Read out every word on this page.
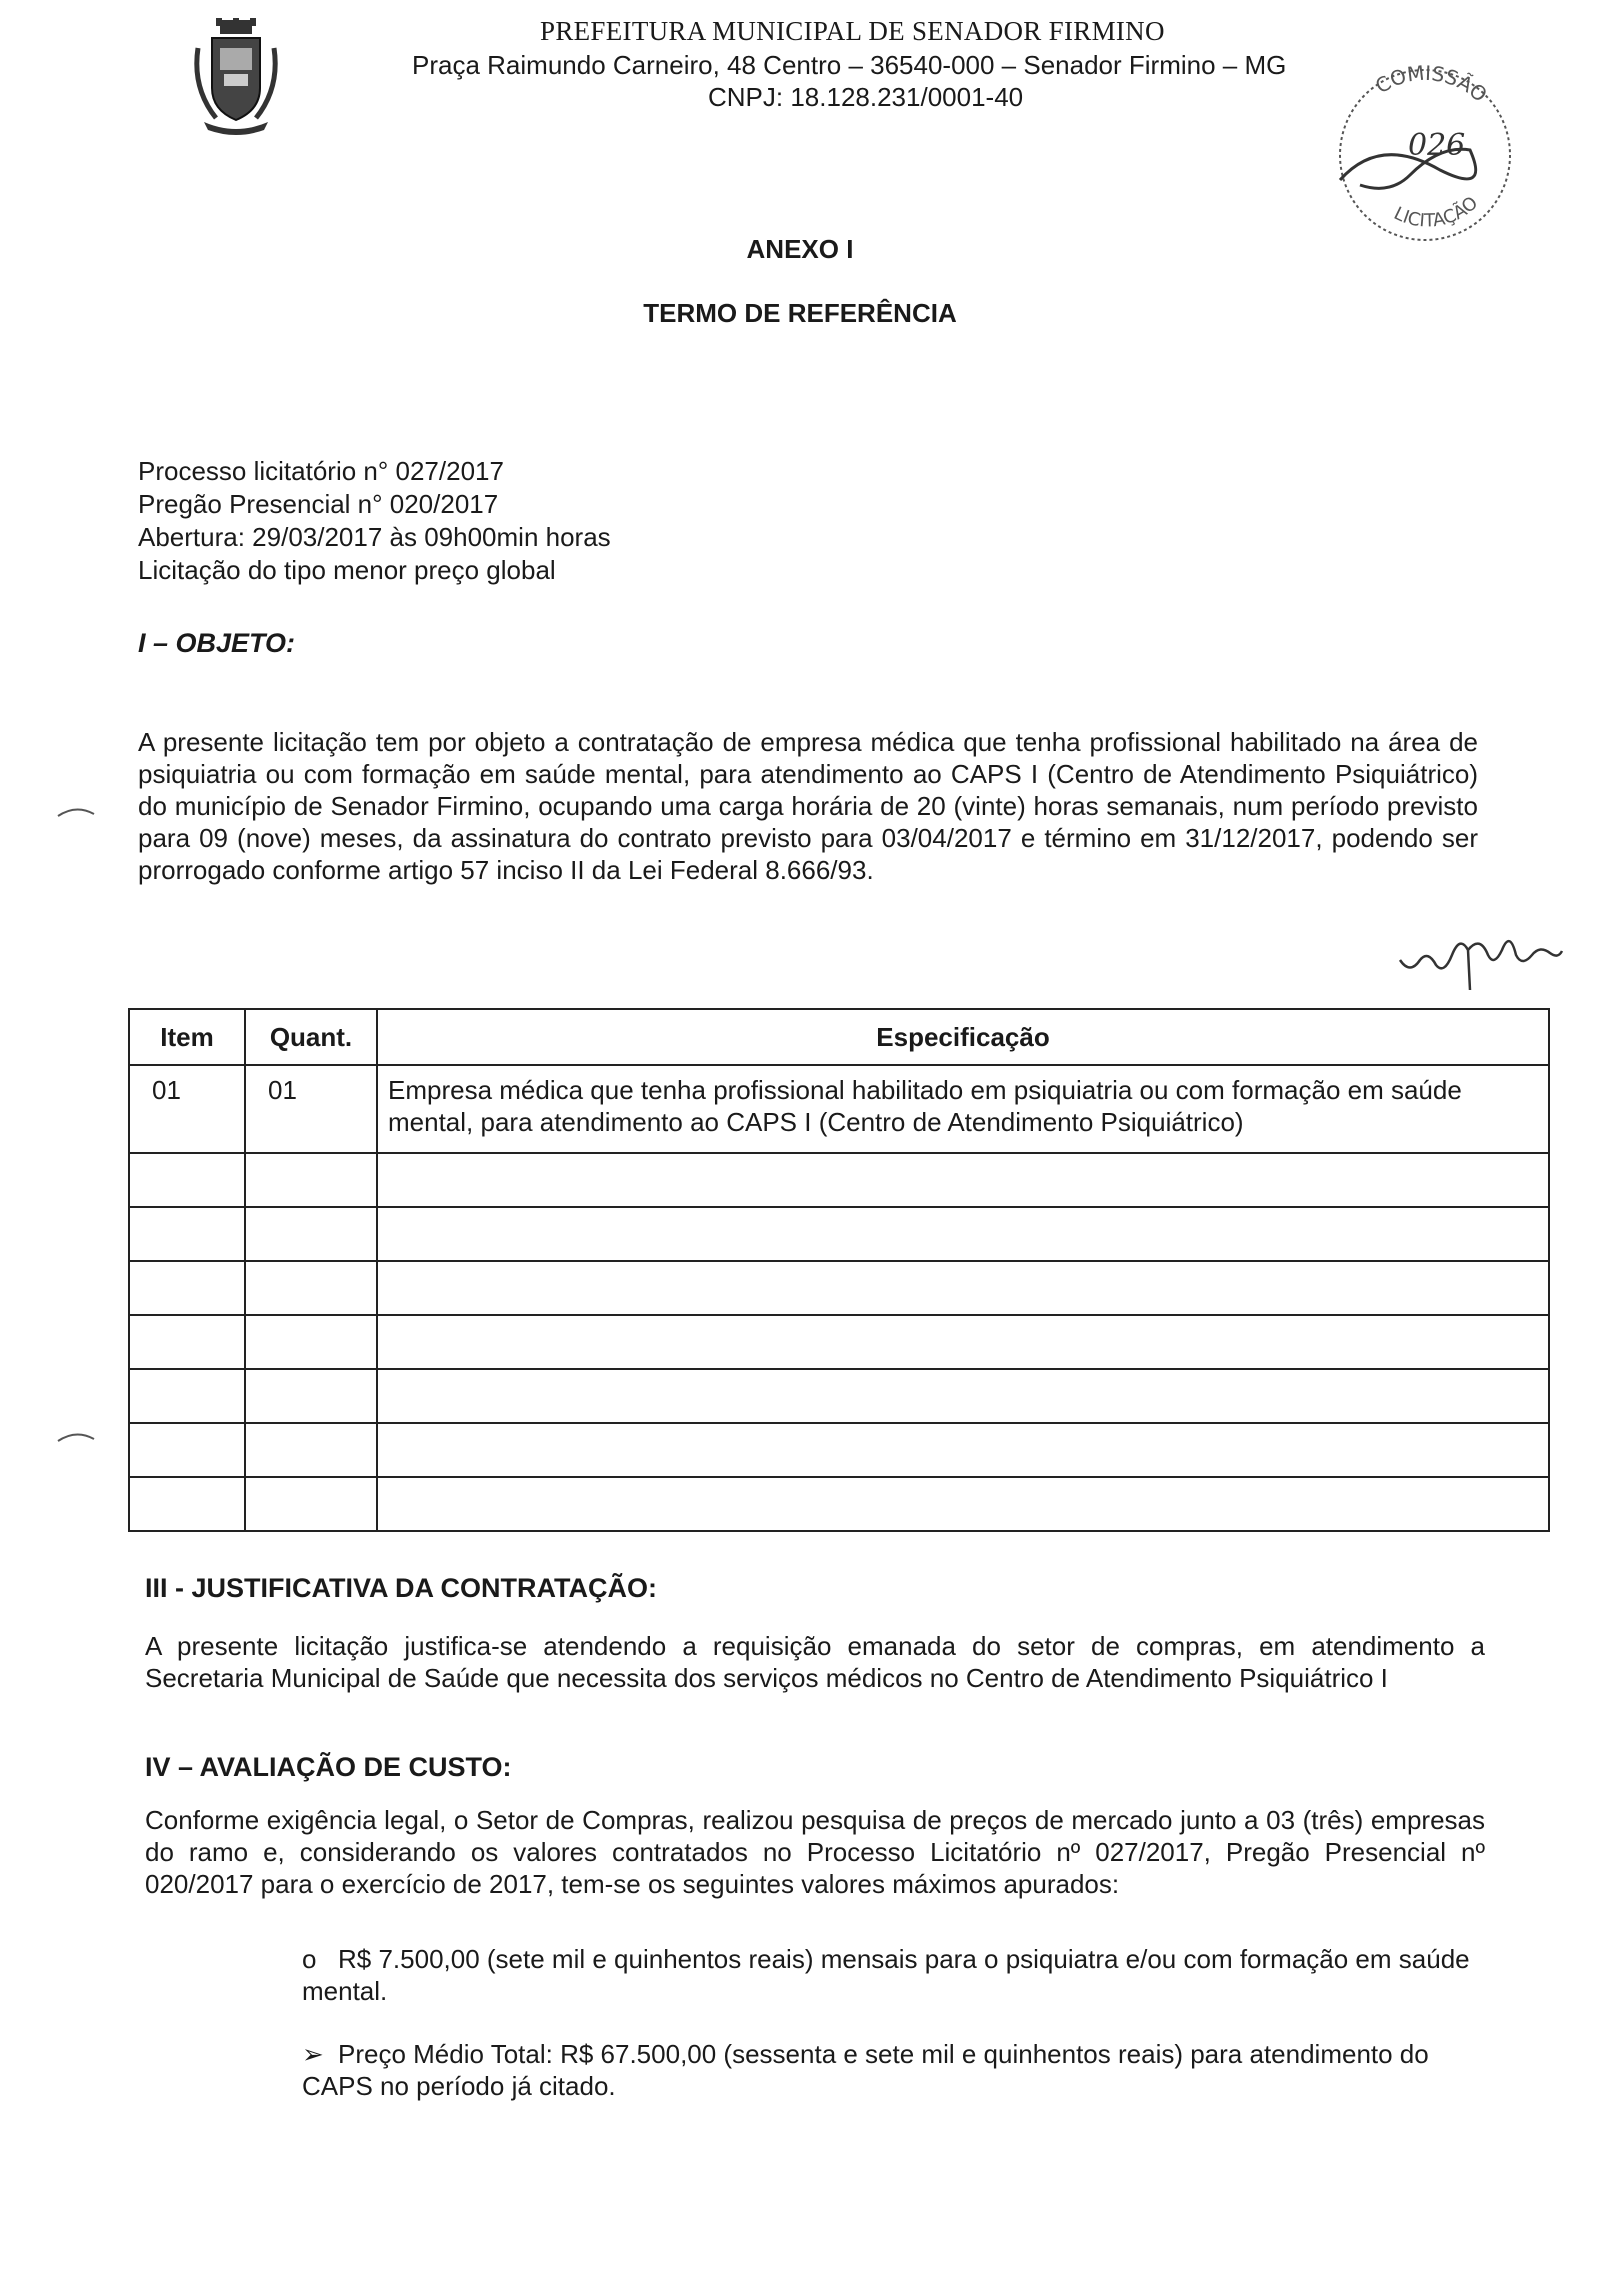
PREFEITURA MUNICIPAL DE SENADOR FIRMINO
Praça Raimundo Carneiro, 48 Centro – 36540-000 – Senador Firmino – MG
CNPJ: 18.128.231/0001-40	COMISSÃO
LICITAÇÃO
026
ANEXO I
TERMO DE REFERÊNCIA
Processo licitatório n° 027/2017
Pregão Presencial n° 020/2017
Abertura: 29/03/2017 às 09h00min horas
Licitação do tipo menor preço global
I – OBJETO:
A presente licitação tem por objeto a contratação de empresa médica que tenha profissional habilitado na área de psiquiatria ou com formação em saúde mental, para atendimento ao CAPS I (Centro de Atendimento Psiquiátrico) do município de Senador Firmino, ocupando uma carga horária de 20 (vinte) horas semanais, num período previsto para 09 (nove) meses, da assinatura do contrato previsto para 03/04/2017 e término em 31/12/2017, podendo ser prorrogado conforme artigo 57 inciso II da Lei Federal 8.666/93.
Item	Quant.	Especificação
01	01	Empresa médica que tenha profissional habilitado em psiquiatria ou com formação em saúde mental, para atendimento ao CAPS I (Centro de Atendimento Psiquiátrico)

III - JUSTIFICATIVA DA CONTRATAÇÃO:
A presente licitação justifica-se atendendo a requisição emanada do setor de compras, em atendimento a Secretaria Municipal de Saúde que necessita dos serviços médicos no Centro de Atendimento Psiquiátrico I
IV – AVALIAÇÃO DE CUSTO:
Conforme exigência legal, o Setor de Compras, realizou pesquisa de preços de mercado junto a 03 (três) empresas do ramo e, considerando os valores contratados no Processo Licitatório nº 027/2017, Pregão Presencial nº 020/2017 para o exercício de 2017, tem-se os seguintes valores máximos apurados:
o R$ 7.500,00 (sete mil e quinhentos reais) mensais para o psiquiatra e/ou com formação em saúde mental.
➢ Preço Médio Total: R$ 67.500,00 (sessenta e sete mil e quinhentos reais) para atendimento do CAPS no período já citado.
